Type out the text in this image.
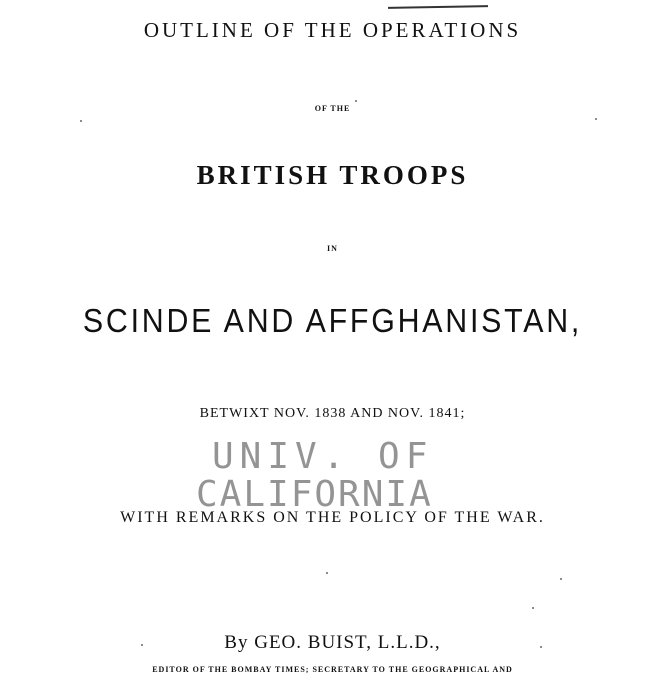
OUTLINE OF THE OPERATIONS
OF THE
BRITISH TROOPS
IN
SCINDE AND AFFGHANISTAN,
BETWIXT NOV. 1838 AND NOV. 1841;
UNIV. OF
CALIFORNIA
WITH REMARKS ON THE POLICY OF THE WAR.
By GEO. BUIST, L.L.D.,
EDITOR OF THE BOMBAY TIMES; SECRETARY TO THE GEOGRAPHICAL AND
